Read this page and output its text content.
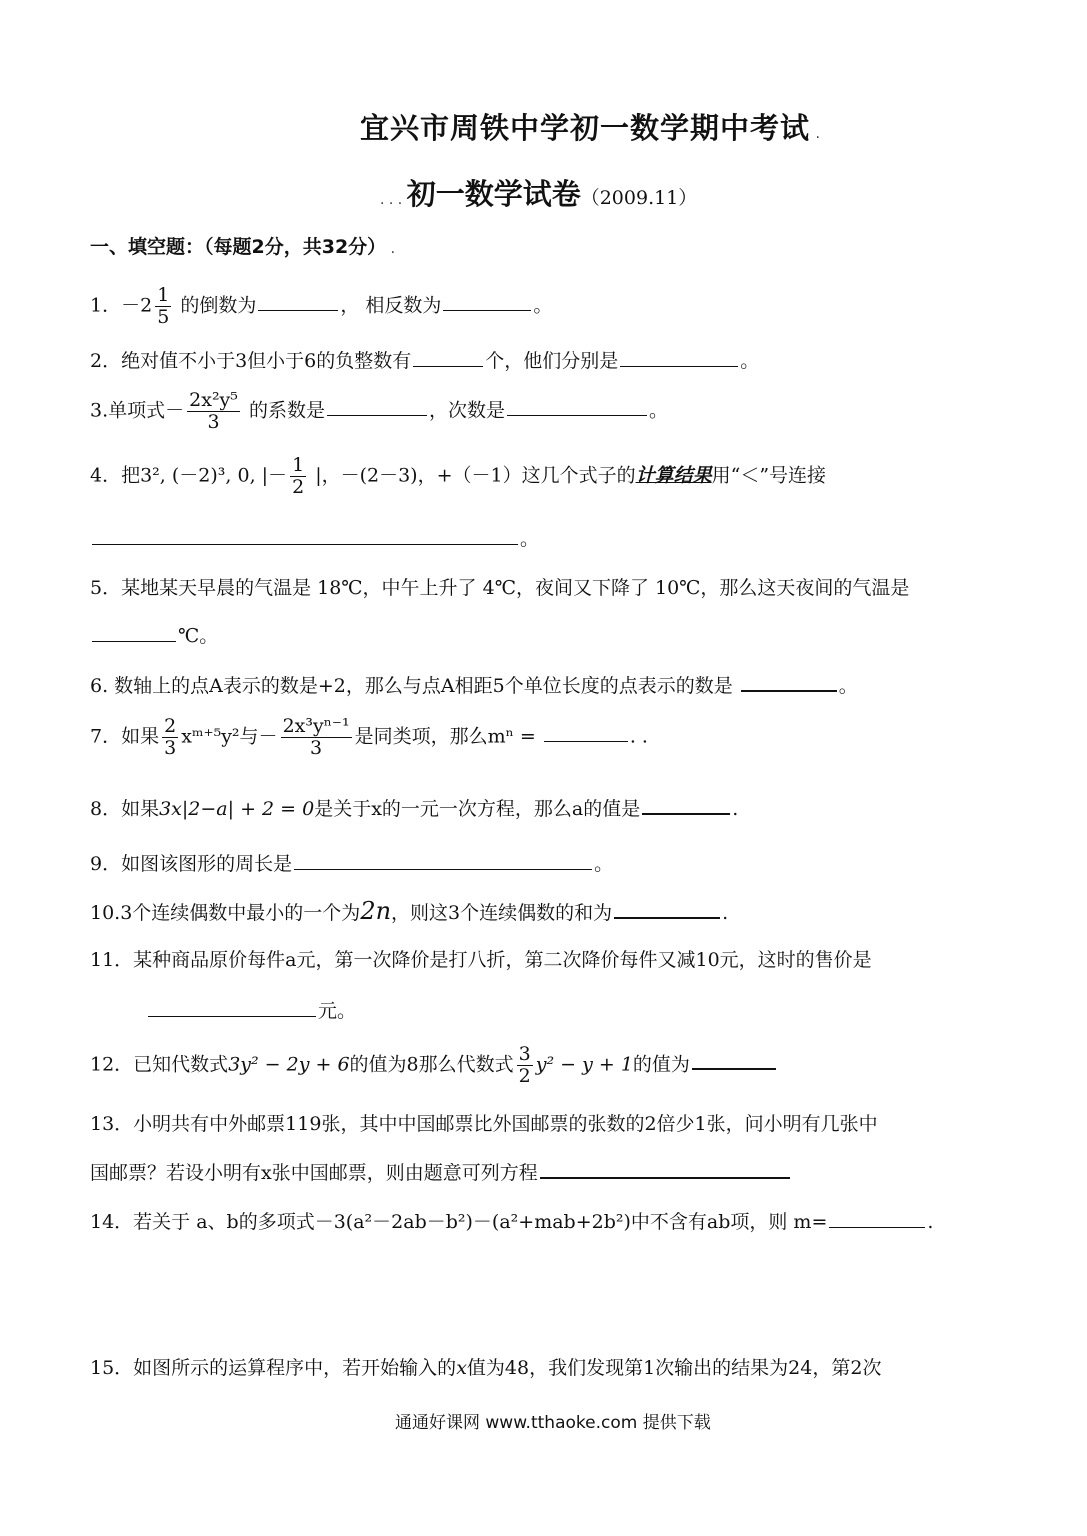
宜兴市周铁中学初一数学期中考试 .
. . . 初一数学试卷（2009.11）
一、填空题：（每题2分，共32分） .
1．$-2 \frac{1}{5}$ 的倒数为	， 相反数为	。
2．绝对值不小于3但小于6的负整数有	个，他们分别是	。
3.单项式－ $\frac{\text{2x²y⁵}}{3}$ 的系数是	，次数是	。
4．把3², (－2)³, 0, |－ $\frac{1}{2}$ |，－(2－3)，+（－1）这几个式子的计算结果用“＜”号连接
。
5．某地某天早晨的气温是 18℃，中午上升了 4℃，夜间又下降了 10℃，那么这天夜间的气温是
℃。
6. 数轴上的点A表示的数是+2，那么与点A相距5个单位长度的点表示的数是	。
7．如果 $\frac{2}{3}$ xᵐ⁺⁵y²与－ $\frac{\text{2x³yⁿ⁻¹}}{3}$ 是同类项，那么mⁿ =	. .
8．如果3x|2−a| + 2 = 0是关于x的一元一次方程，那么a的值是	.
9．如图该图形的周长是	。
10.3个连续偶数中最小的一个为2n，则这3个连续偶数的和为	.
11．某种商品原价每件a元，第一次降价是打八折，第二次降价每件又减10元，这时的售价是
元。
12．已知代数式3y² − 2y + 6的值为8那么代数式 $\frac{3}{2} y^2 - y + 1$的值为
13．小明共有中外邮票119张，其中中国邮票比外国邮票的张数的2倍少1张，问小明有几张中
国邮票？若设小明有x张中国邮票，则由题意可列方程
14．若关于 a、b的多项式－3(a²－2ab－b²)－(a²+mab+2b²)中不含有ab项，则 m=	.
15．如图所示的运算程序中，若开始输入的x值为48，我们发现第1次输出的结果为24，第2次
通通好课网 www.tthaoke.com 提供下载
